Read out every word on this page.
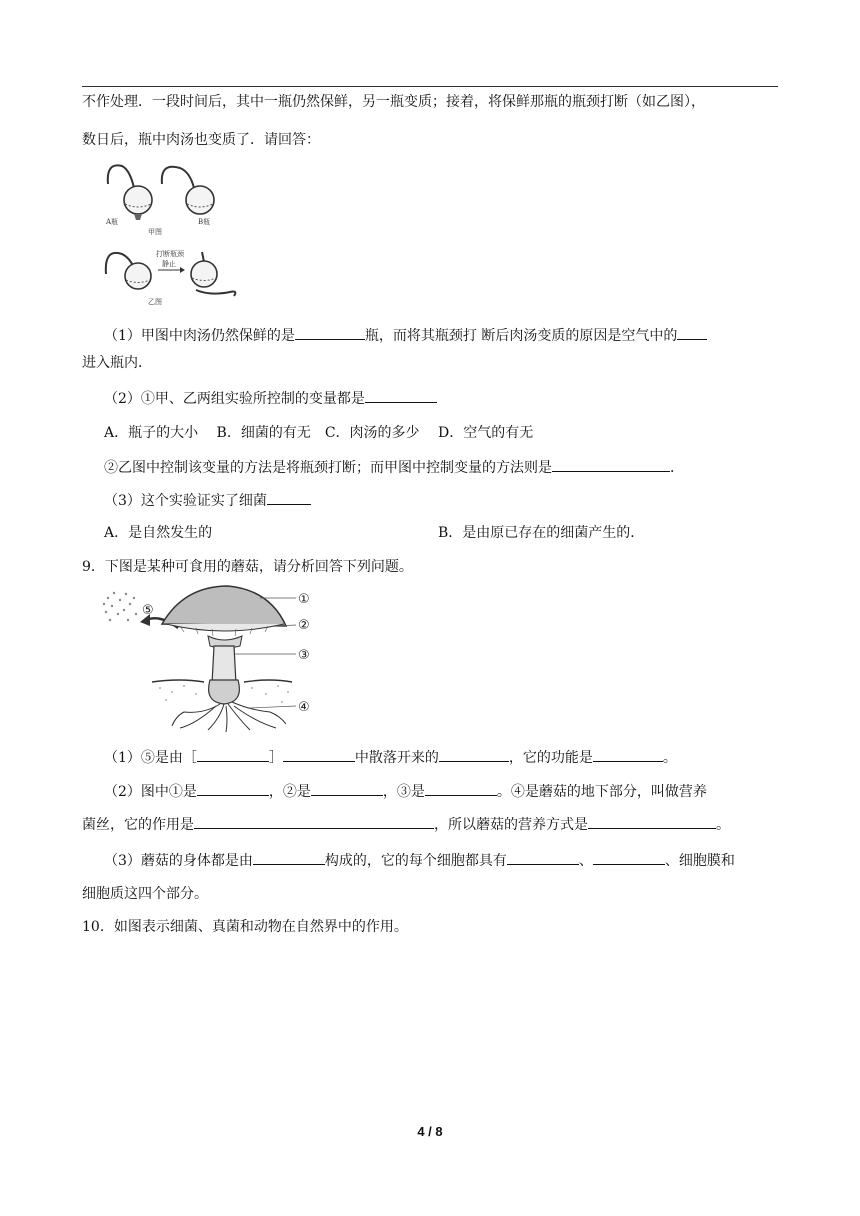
不作处理．一段时间后，其中一瓶仍然保鲜，另一瓶变质；接着，将保鲜那瓶的瓶颈打断（如乙图），
数日后，瓶中肉汤也变质了．请回答：
A瓶	B瓶
甲图
打断瓶颈
静止
乙图
（1）甲图中肉汤仍然保鲜的是	瓶，而将其瓶颈打 断后肉汤变质的原因是空气中的
进入瓶内．
（2）①甲、乙两组实验所控制的变量都是
A．瓶子的大小　 B．细菌的有无　C．肉汤的多少　 D．空气的有无
②乙图中控制该变量的方法是将瓶颈打断；而甲图中控制变量的方法则是	．
（3）这个实验证实了细菌
A．是自然发生的	B．是由原已存在的细菌产生的．
9．下图是某种可食用的蘑菇，请分析回答下列问题。
①
②
③
④
⑤
（1）⑤是由［	］	中散落开来的	，它的功能是	。
（2）图中①是	，②是	，③是	。④是蘑菇的地下部分，叫做营养
菌丝，它的作用是	，所以蘑菇的营养方式是	。
（3）蘑菇的身体都是由	构成的，它的每个细胞都具有	、	、细胞膜和
细胞质这四个部分。
10．如图表示细菌、真菌和动物在自然界中的作用。
4 / 8
